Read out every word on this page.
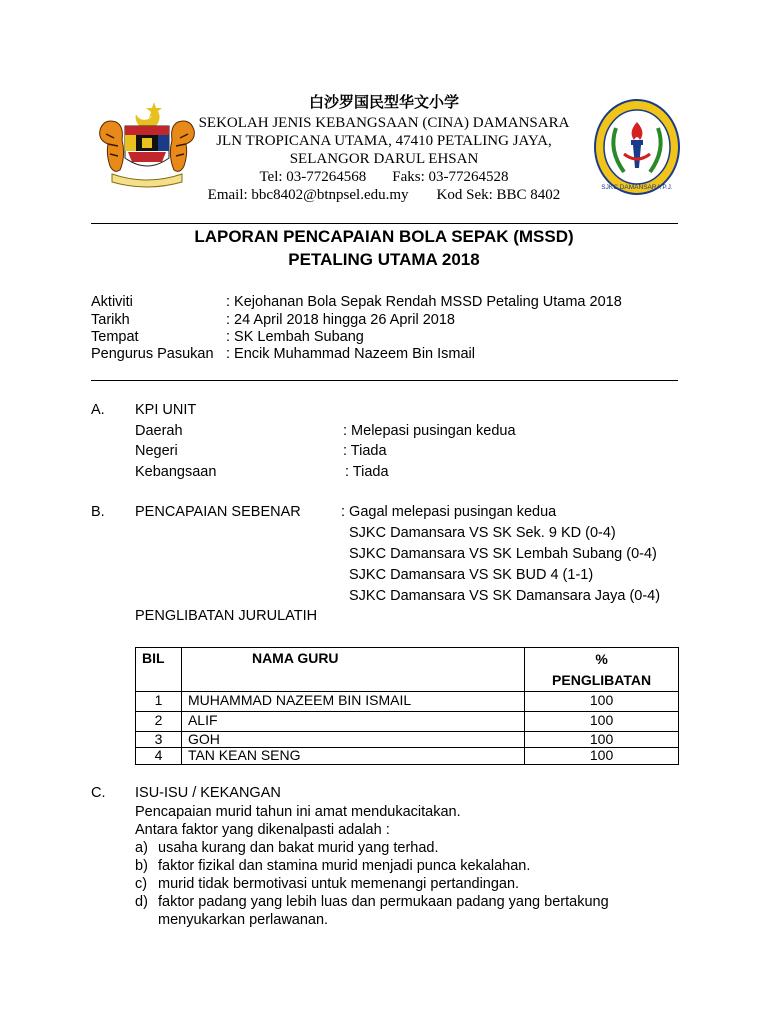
SJKC DAMANSARA P.J.
白沙罗国民型华文小学
SEKOLAH JENIS KEBANGSAAN (CINA) DAMANSARA
JLN TROPICANA UTAMA, 47410 PETALING JAYA,
SELANGOR DARUL EHSAN
Tel: 03-77264568 Faks: 03-77264528
Email: bbc8402@btnpsel.edu.my Kod Sek: BBC 8402
LAPORAN PENCAPAIAN BOLA SEPAK (MSSD)
PETALING UTAMA 2018
Aktiviti	: Kejohanan Bola Sepak Rendah MSSD Petaling Utama 2018
Tarikh	: 24 April 2018 hingga 26 April 2018
Tempat	: SK Lembah Subang
Pengurus Pasukan : Encik Muhammad Nazeem Bin Ismail
A. KPI UNIT
Daerah	: Melepasi pusingan kedua
Negeri	: Tiada
Kebangsaan	: Tiada
B. PENCAPAIAN SEBENAR	: Gagal melepasi pusingan kedua
SJKC Damansara VS SK Sek. 9 KD (0-4)
SJKC Damansara VS SK Lembah Subang (0-4)
SJKC Damansara VS SK BUD 4 (1-1)
SJKC Damansara VS SK Damansara Jaya (0-4)
PENGLIBATAN JURULATIH
BIL	NAMA GURU	%
PENGLIBATAN

1	MUHAMMAD NAZEEM BIN ISMAIL	100
2	ALIF	100
3	GOH	100
4	TAN KEAN SENG	100
C. ISU-ISU / KEKANGAN
Pencapaian murid tahun ini amat mendukacitakan.
Antara faktor yang dikenalpasti adalah :
a) usaha kurang dan bakat murid yang terhad.
b) faktor fizikal dan stamina murid menjadi punca kekalahan.
c) murid tidak bermotivasi untuk memenangi pertandingan.
d) faktor padang yang lebih luas dan permukaan padang yang bertakung
menyukarkan perlawanan.
